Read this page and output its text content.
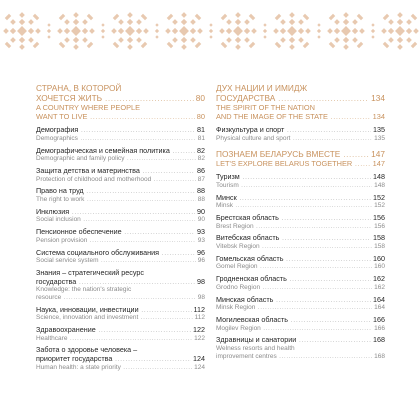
СТРАНА, В КОТОРОЙ
ХОЧЕТСЯ ЖИТЬ .....	80
A COUNTRY WHERE PEOPLE
WANT TO LIVE .....	80
Демография .....	81
Demographics .....	81
Демографическая и семейная политика .....	82
Demographic and family policy .....	82
Защита детства и материнства .....	86
Protection of childhood and motherhood .....	87
Право на труд .....	88
The right to work .....	88
Инклюзия .....	90
Social inclusion .....	90
Пенсионное обеспечение .....	93
Pension provision .....	93
Система социального обслуживания .....	96
Social service system .....	96
Знания – стратегический ресурс
государства .....	98
Knowledge: the nation's strategic
resource .....	98
Наука, инновации, инвестиции .....	112
Science, innovation and investment .....	112
Здравоохранение .....	122
Healthcare .....	122
Забота о здоровье человека –
приоритет государства .....	124
Human health: a state priority .....	124
ДУХ НАЦИИ И ИМИДЖ
ГОСУДАРСТВА .....	134
THE SPIRIT OF THE NATION
AND THE IMAGE OF THE STATE .....	134
Физкультура и спорт .....	135
Physical culture and sport .....	135
ПОЗНАЕМ БЕЛАРУСЬ ВМЕСТЕ .....	147
LET'S EXPLORE BELARUS TOGETHER .....	147
Туризм .....	148
Tourism .....	148
Минск .....	152
Minsk .....	152
Брестская область .....	156
Brest Region .....	156
Витебская область .....	158
Vitebsk Region .....	158
Гомельская область .....	160
Gomel Region .....	160
Гродненская область .....	162
Grodno Region .....	162
Минская область .....	164
Minsk Region .....	164
Могилевская область .....	166
Mogilev Region .....	166
Здравницы и санатории .....	168
Welness resorts and health
improvement centres .....	168
